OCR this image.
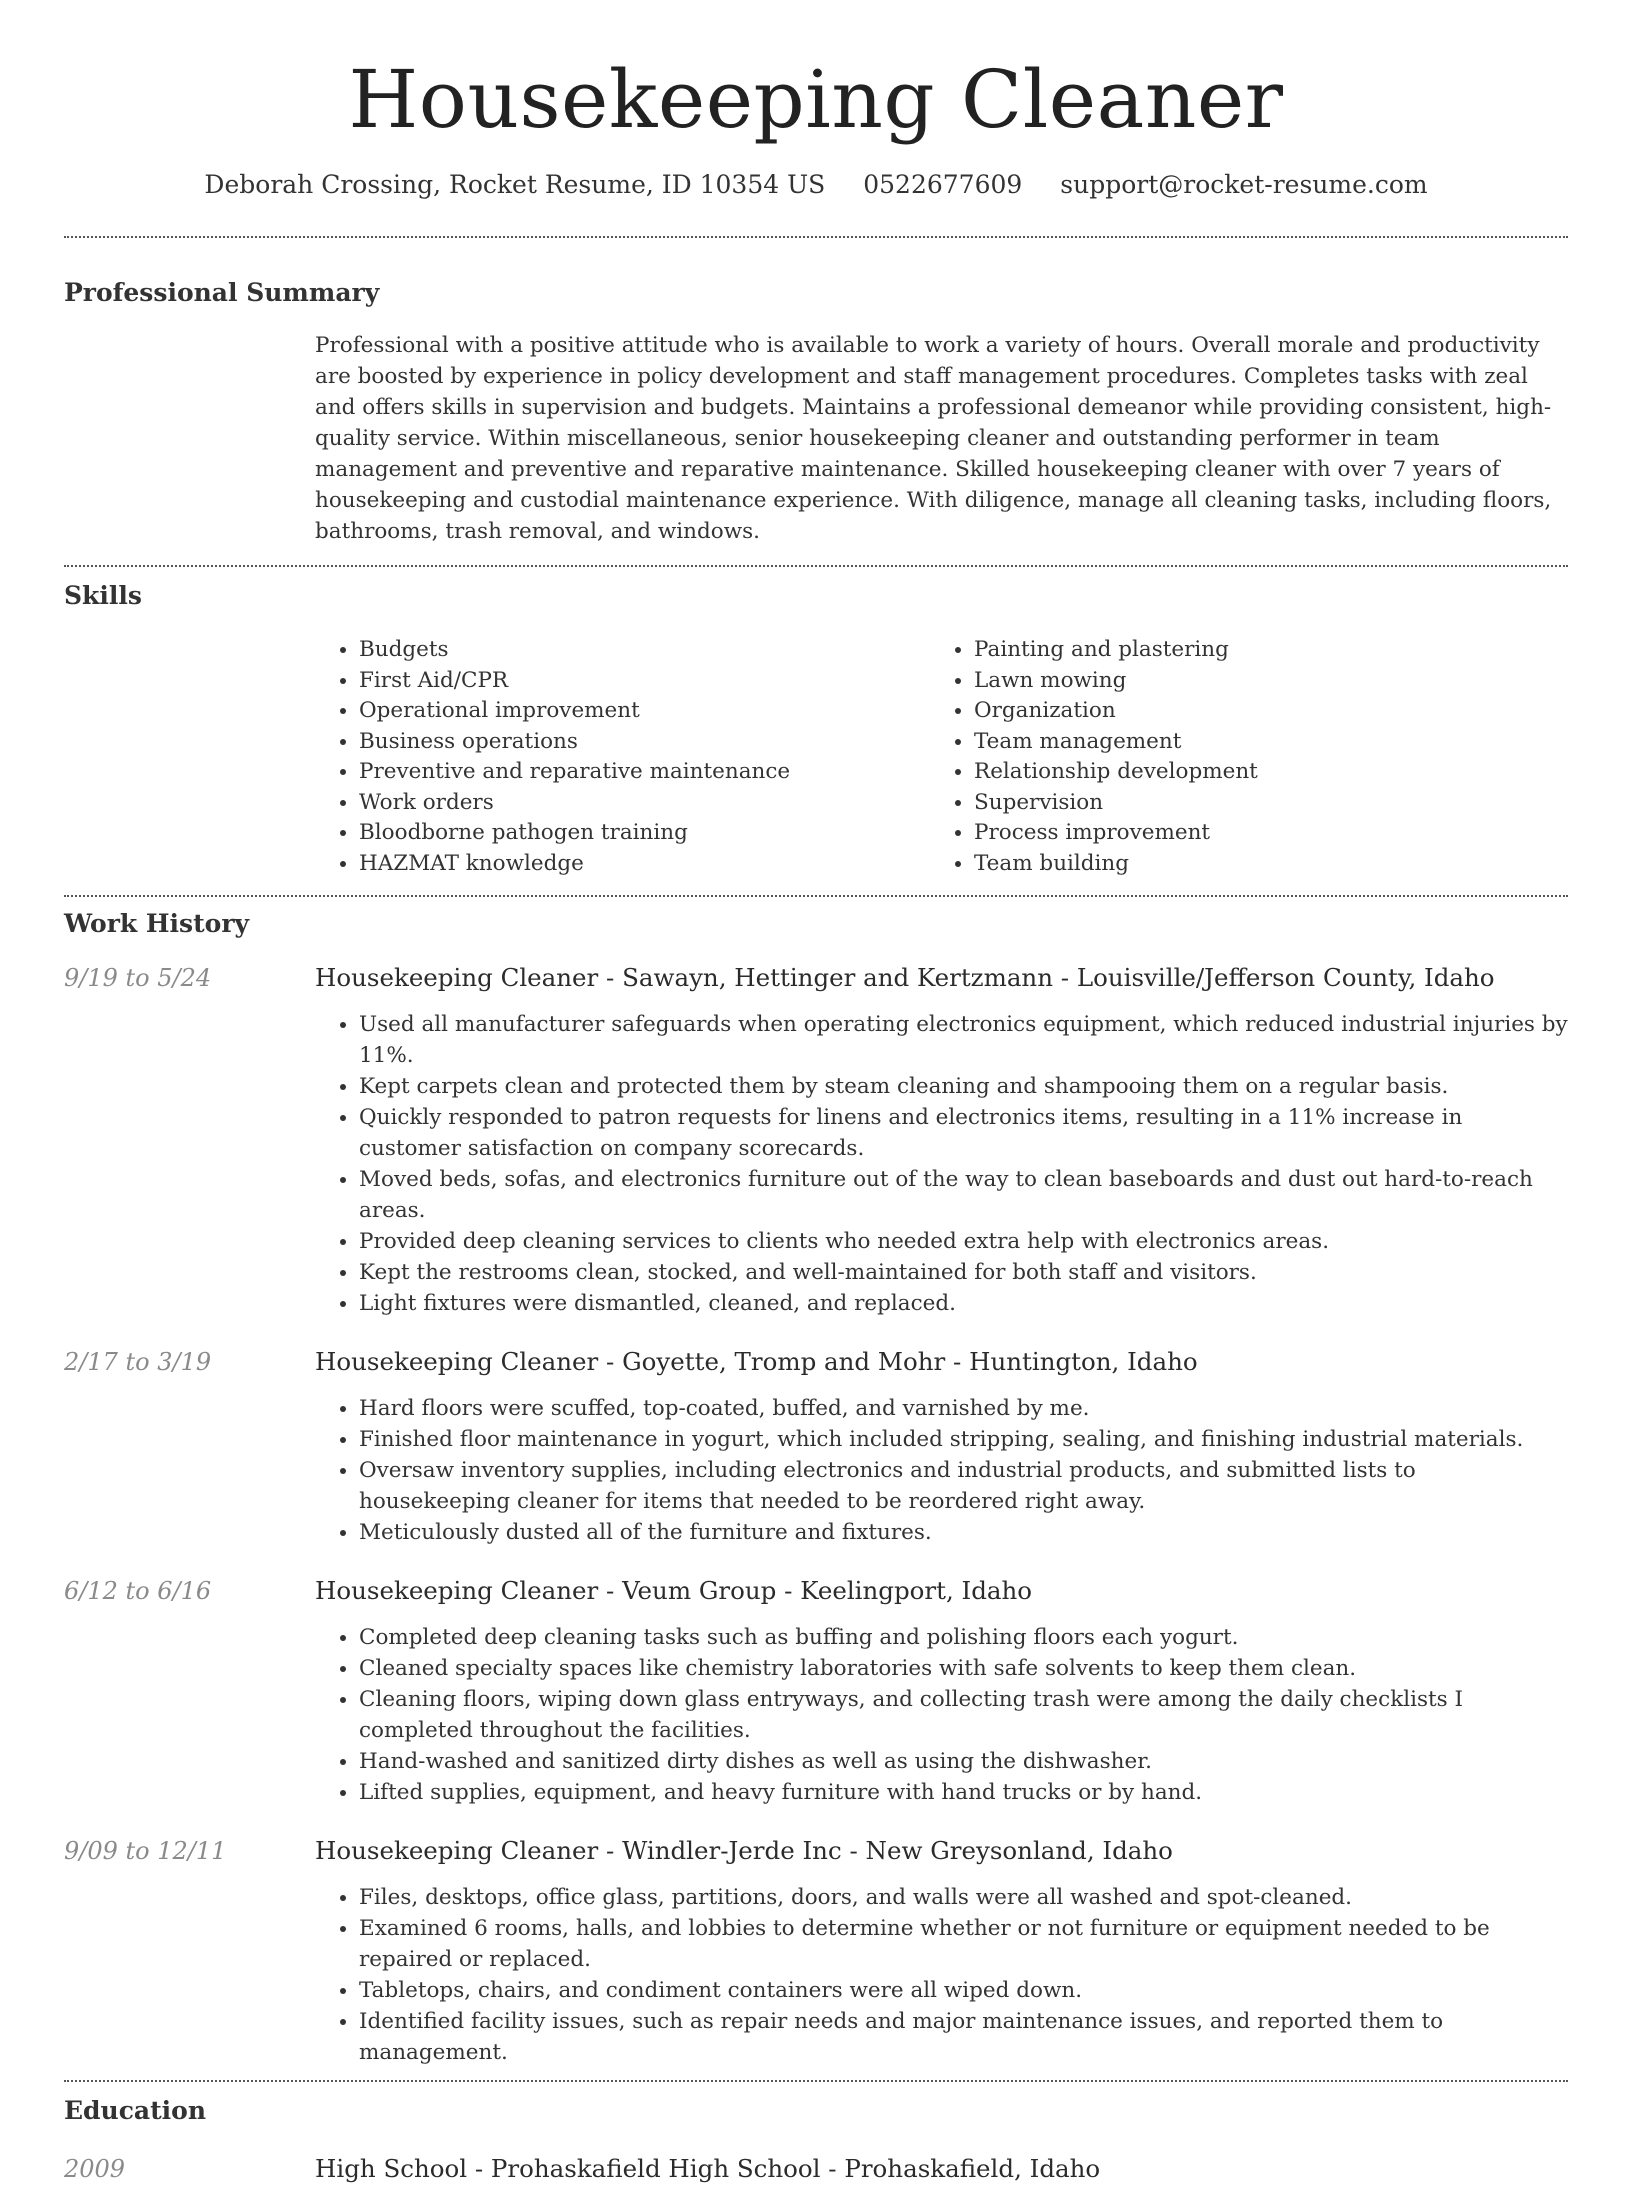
Housekeeping Cleaner
Deborah Crossing, Rocket Resume, ID 10354 US 0522677609 support@rocket-resume.com
Professional Summary

Professional with a positive attitude who is available to work a variety of hours. Overall morale and productivity are boosted by experience in policy development and staff management procedures. Completes tasks with zeal and offers skills in supervision and budgets. Maintains a professional demeanor while providing consistent, high-quality service. Within miscellaneous, senior housekeeping cleaner and outstanding performer in team management and preventive and reparative maintenance. Skilled housekeeping cleaner with over 7 years of housekeeping and custodial maintenance experience. With diligence, manage all cleaning tasks, including floors, bathrooms, trash removal, and windows.

Skills
• Budgets
• First Aid/CPR
• Operational improvement
• Business operations
• Preventive and reparative maintenance
• Work orders
• Bloodborne pathogen training
• HAZMAT knowledge
• Painting and plastering
• Lawn mowing
• Organization
• Team management
• Relationship development
• Supervision
• Process improvement
• Team building
Work History
9/19 to 5/24	Housekeeping Cleaner - Sawayn, Hettinger and Kertzmann - Louisville/Jefferson County, Idaho
• Used all manufacturer safeguards when operating electronics equipment, which reduced industrial injuries by 11%.
• Kept carpets clean and protected them by steam cleaning and shampooing them on a regular basis.
• Quickly responded to patron requests for linens and electronics items, resulting in a 11% increase in customer satisfaction on company scorecards.
• Moved beds, sofas, and electronics furniture out of the way to clean baseboards and dust out hard-to-reach areas.
• Provided deep cleaning services to clients who needed extra help with electronics areas.
• Kept the restrooms clean, stocked, and well-maintained for both staff and visitors.
• Light fixtures were dismantled, cleaned, and replaced.
2/17 to 3/19	Housekeeping Cleaner - Goyette, Tromp and Mohr - Huntington, Idaho
• Hard floors were scuffed, top-coated, buffed, and varnished by me.
• Finished floor maintenance in yogurt, which included stripping, sealing, and finishing industrial materials.
• Oversaw inventory supplies, including electronics and industrial products, and submitted lists to housekeeping cleaner for items that needed to be reordered right away.
• Meticulously dusted all of the furniture and fixtures.
6/12 to 6/16	Housekeeping Cleaner - Veum Group - Keelingport, Idaho
• Completed deep cleaning tasks such as buffing and polishing floors each yogurt.
• Cleaned specialty spaces like chemistry laboratories with safe solvents to keep them clean.
• Cleaning floors, wiping down glass entryways, and collecting trash were among the daily checklists I completed throughout the facilities.
• Hand-washed and sanitized dirty dishes as well as using the dishwasher.
• Lifted supplies, equipment, and heavy furniture with hand trucks or by hand.
9/09 to 12/11	Housekeeping Cleaner - Windler-Jerde Inc - New Greysonland, Idaho
• Files, desktops, office glass, partitions, doors, and walls were all washed and spot-cleaned.
• Examined 6 rooms, halls, and lobbies to determine whether or not furniture or equipment needed to be repaired or replaced.
• Tabletops, chairs, and condiment containers were all wiped down.
• Identified facility issues, such as repair needs and major maintenance issues, and reported them to management.
Education
2009	High School - Prohaskafield High School - Prohaskafield, Idaho
